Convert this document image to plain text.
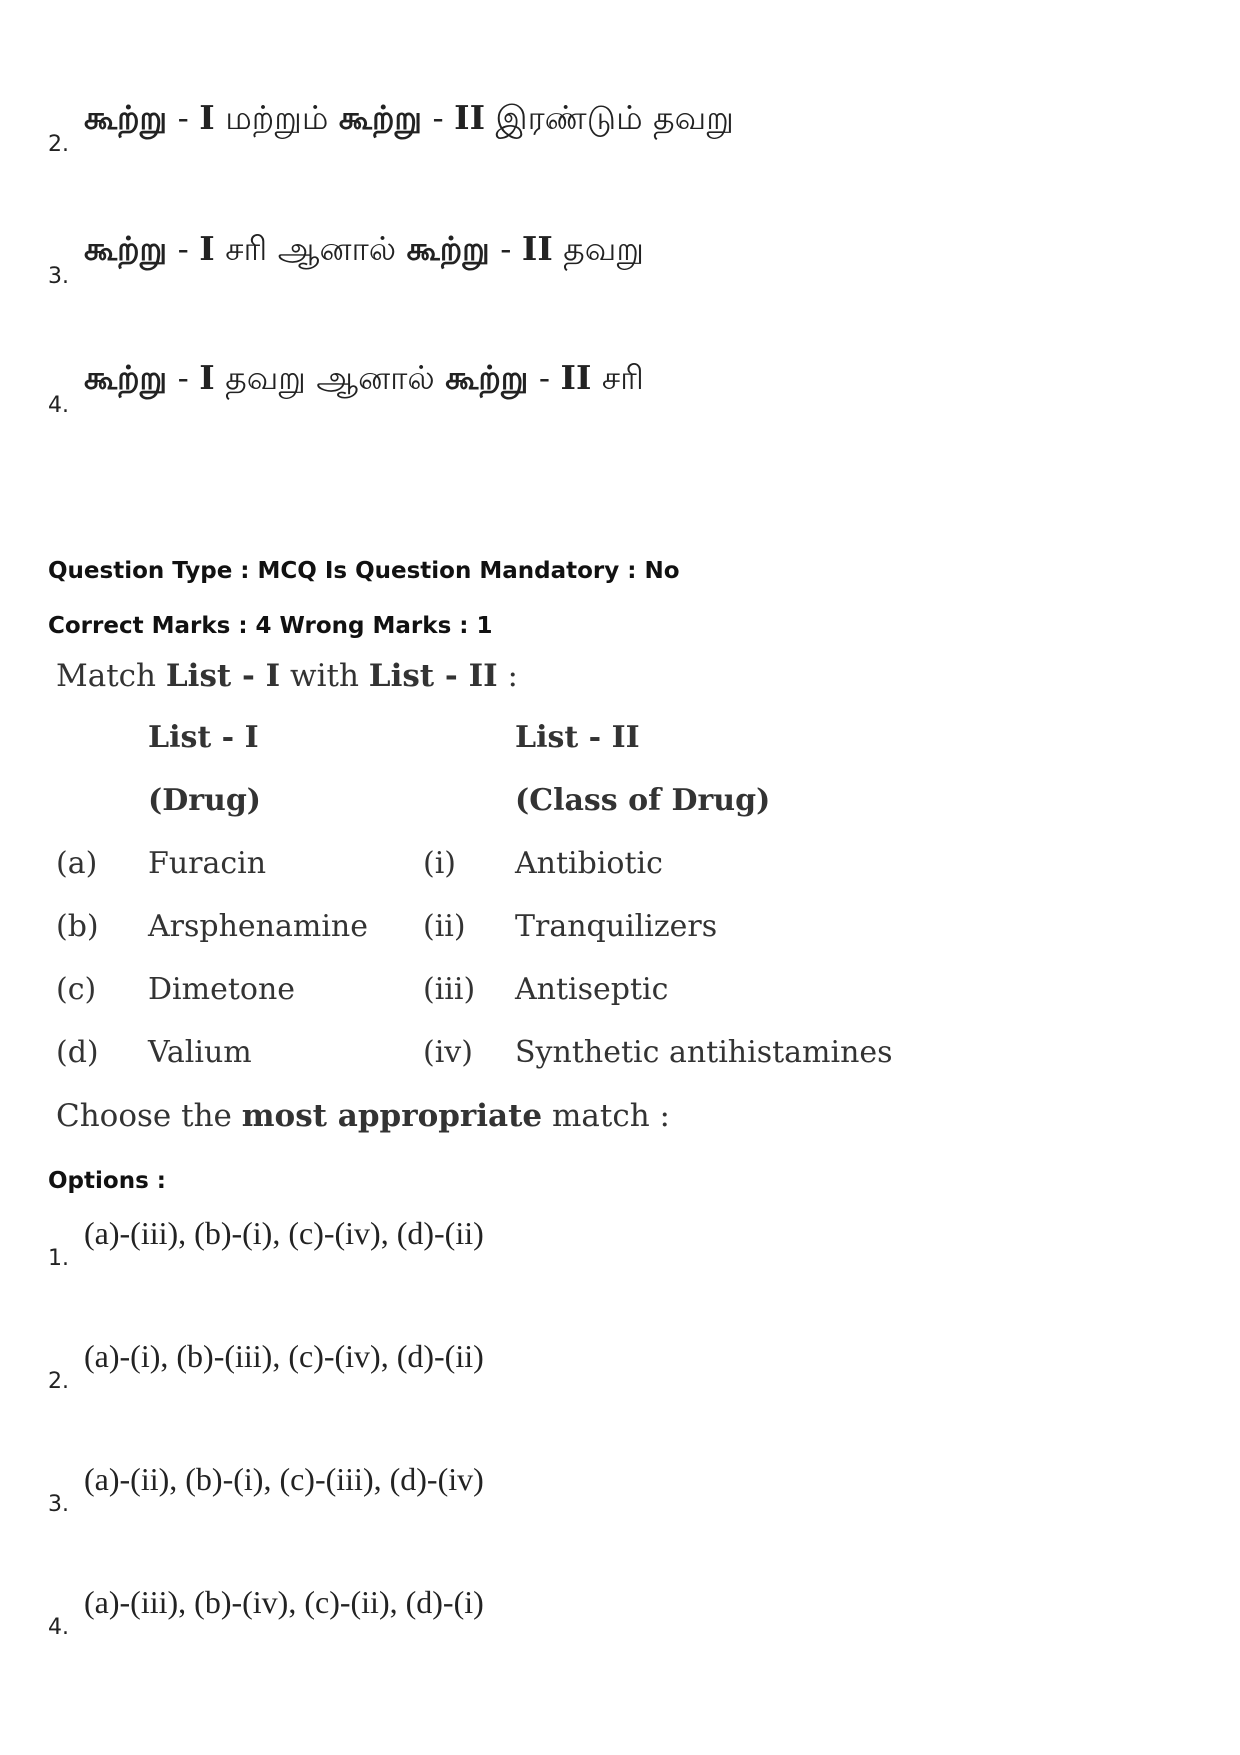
2.
கூற்று - I மற்றும் கூற்று - II இரண்டும் தவறு
3.
கூற்று - I சரி ஆனால் கூற்று - II தவறு
4.
கூற்று - I தவறு ஆனால் கூற்று - II சரி
Question Type : MCQ Is Question Mandatory : No
Correct Marks : 4 Wrong Marks : 1
Match List - I with List - II :
List - I	List - II
(Drug)	(Class of Drug)
(a) Furacin	(i) Antibiotic
(b) Arsphenamine (ii) Tranquilizers
(c) Dimetone	(iii) Antiseptic
(d) Valium	(iv) Synthetic antihistamines
Choose the most appropriate match :
Options :
1.
(a)-(iii), (b)-(i), (c)-(iv), (d)-(ii)
2.
(a)-(i), (b)-(iii), (c)-(iv), (d)-(ii)
3.
(a)-(ii), (b)-(i), (c)-(iii), (d)-(iv)
4.
(a)-(iii), (b)-(iv), (c)-(ii), (d)-(i)
